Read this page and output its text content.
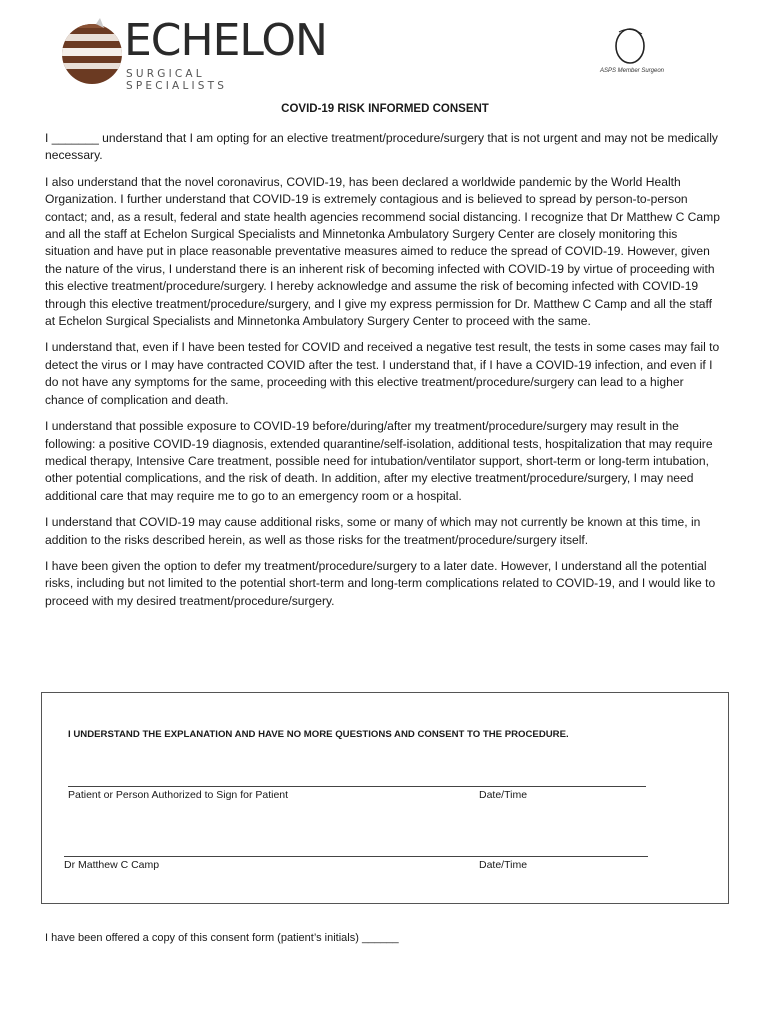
ECHELON
SURGICAL SPECIALISTS
ASPS Member Surgeon
COVID-19 RISK INFORMED CONSENT

I _______ understand that I am opting for an elective treatment/procedure/surgery that is not urgent and may not be medically necessary.

I also understand that the novel coronavirus, COVID-19, has been declared a worldwide pandemic by the World Health Organization. I further understand that COVID-19 is extremely contagious and is believed to spread by person-to-person contact; and, as a result, federal and state health agencies recommend social distancing. I recognize that Dr Matthew C Camp and all the staff at Echelon Surgical Specialists and Minnetonka Ambulatory Surgery Center are closely monitoring this situation and have put in place reasonable preventative measures aimed to reduce the spread of COVID-19. However, given the nature of the virus, I understand there is an inherent risk of becoming infected with COVID-19 by virtue of proceeding with this elective treatment/procedure/surgery. I hereby acknowledge and assume the risk of becoming infected with COVID-19 through this elective treatment/procedure/surgery, and I give my express permission for Dr. Matthew C Camp and all the staff at Echelon Surgical Specialists and Minnetonka Ambulatory Surgery Center to proceed with the same.

I understand that, even if I have been tested for COVID and received a negative test result, the tests in some cases may fail to detect the virus or I may have contracted COVID after the test. I understand that, if I have a COVID-19 infection, and even if I do not have any symptoms for the same, proceeding with this elective treatment/procedure/surgery can lead to a higher chance of complication and death.

I understand that possible exposure to COVID-19 before/during/after my treatment/procedure/surgery may result in the following: a positive COVID-19 diagnosis, extended quarantine/self-isolation, additional tests, hospitalization that may require medical therapy, Intensive Care treatment, possible need for intubation/ventilator support, short-term or long-term intubation, other potential complications, and the risk of death. In addition, after my elective treatment/procedure/surgery, I may need additional care that may require me to go to an emergency room or a hospital.

I understand that COVID-19 may cause additional risks, some or many of which may not currently be known at this time, in addition to the risks described herein, as well as those risks for the treatment/procedure/surgery itself.

I have been given the option to defer my treatment/procedure/surgery to a later date. However, I understand all the potential risks, including but not limited to the potential short-term and long-term complications related to COVID-19, and I would like to proceed with my desired treatment/procedure/surgery.

I UNDERSTAND THE EXPLANATION AND HAVE NO MORE QUESTIONS AND CONSENT TO THE PROCEDURE.
Patient or Person Authorized to Sign for Patient	Date/Time
Dr Matthew C Camp	Date/Time
I have been offered a copy of this consent form (patient’s initials) ______
